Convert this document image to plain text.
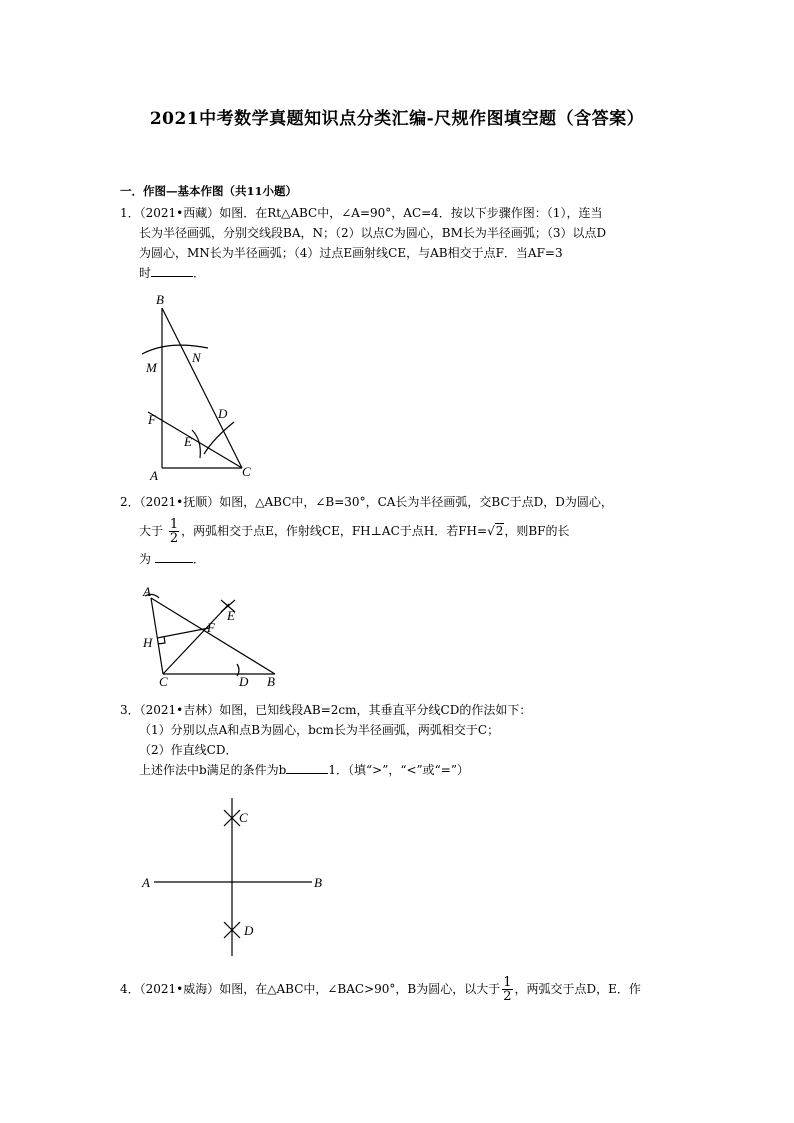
2021中考数学真题知识点分类汇编-尺规作图填空题（含答案）
一．作图—基本作图（共11小题）
1．（2021•西藏）如图．在Rt△ABC中，∠A=90°，AC=4．按以下步骤作图：（1），连当
长为半径画弧，分别交线段BA，N；（2）以点C为圆心，BM长为半径画弧；（3）以点D
为圆心，MN长为半径画弧；（4）过点E画射线CE，与AB相交于点F．当AF=3
时	．
B
N
M
D
F
E
A	C
2．（2021•抚顺）如图，△ABC中，∠B=30°，CA长为半径画弧，交BC于点D，D为圆心，
大于 $\frac{1}{2}$ ，两弧相交于点E，作射线CE，FH⊥AC于点H．若FH=√2，则BF的长
为	．
A
E
F
H
C	D B
3．（2021•吉林）如图，已知线段AB=2cm，其垂直平分线CD的作法如下：
（1）分别以点A和点B为圆心，bcm长为半径画弧，两弧相交于C；
（2）作直线CD．
上述作法中b满足的条件为b	1．（填“>”，“<”或“=”）
C
A	B
D
4．（2021•威海）如图，在△ABC中，∠BAC>90°，B为圆心，以大于 $\frac{1}{2}$ ，两弧交于点D，E．作
